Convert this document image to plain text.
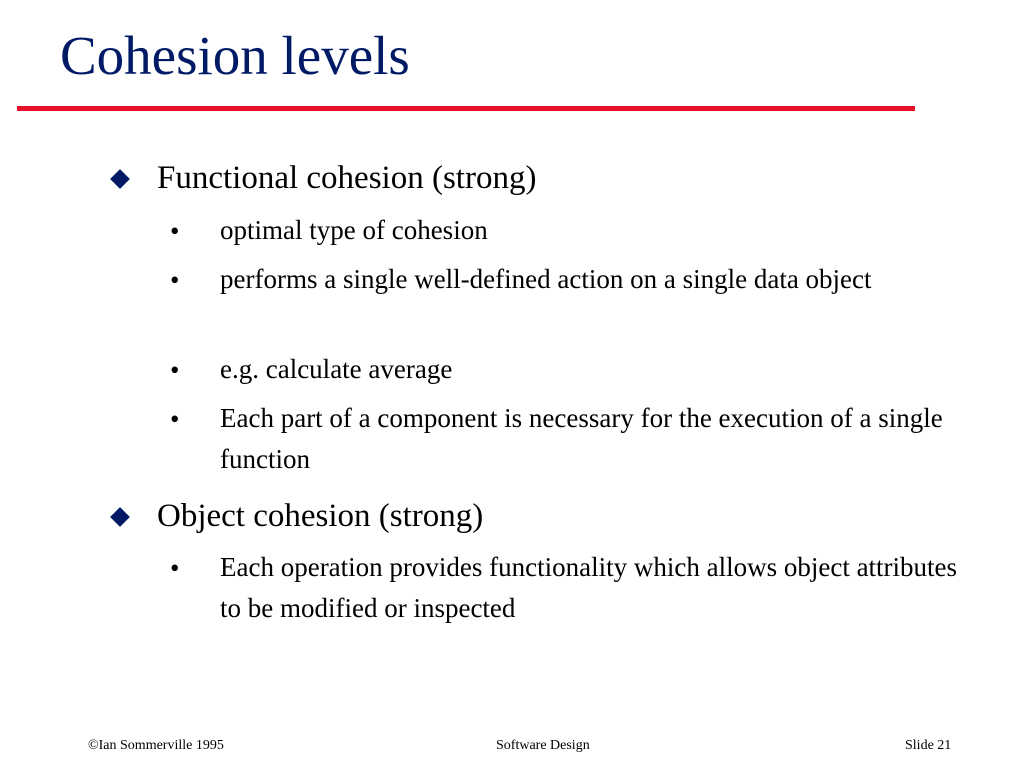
Cohesion levels
Functional cohesion (strong)
• optimal type of cohesion
• performs a single well-defined action on a single data object
• e.g. calculate average
• Each part of a component is necessary for the execution of a single function
Object cohesion (strong)
• Each operation provides functionality which allows object attributes to be modified or inspected
©Ian Sommerville 1995	Software Design	Slide 21
